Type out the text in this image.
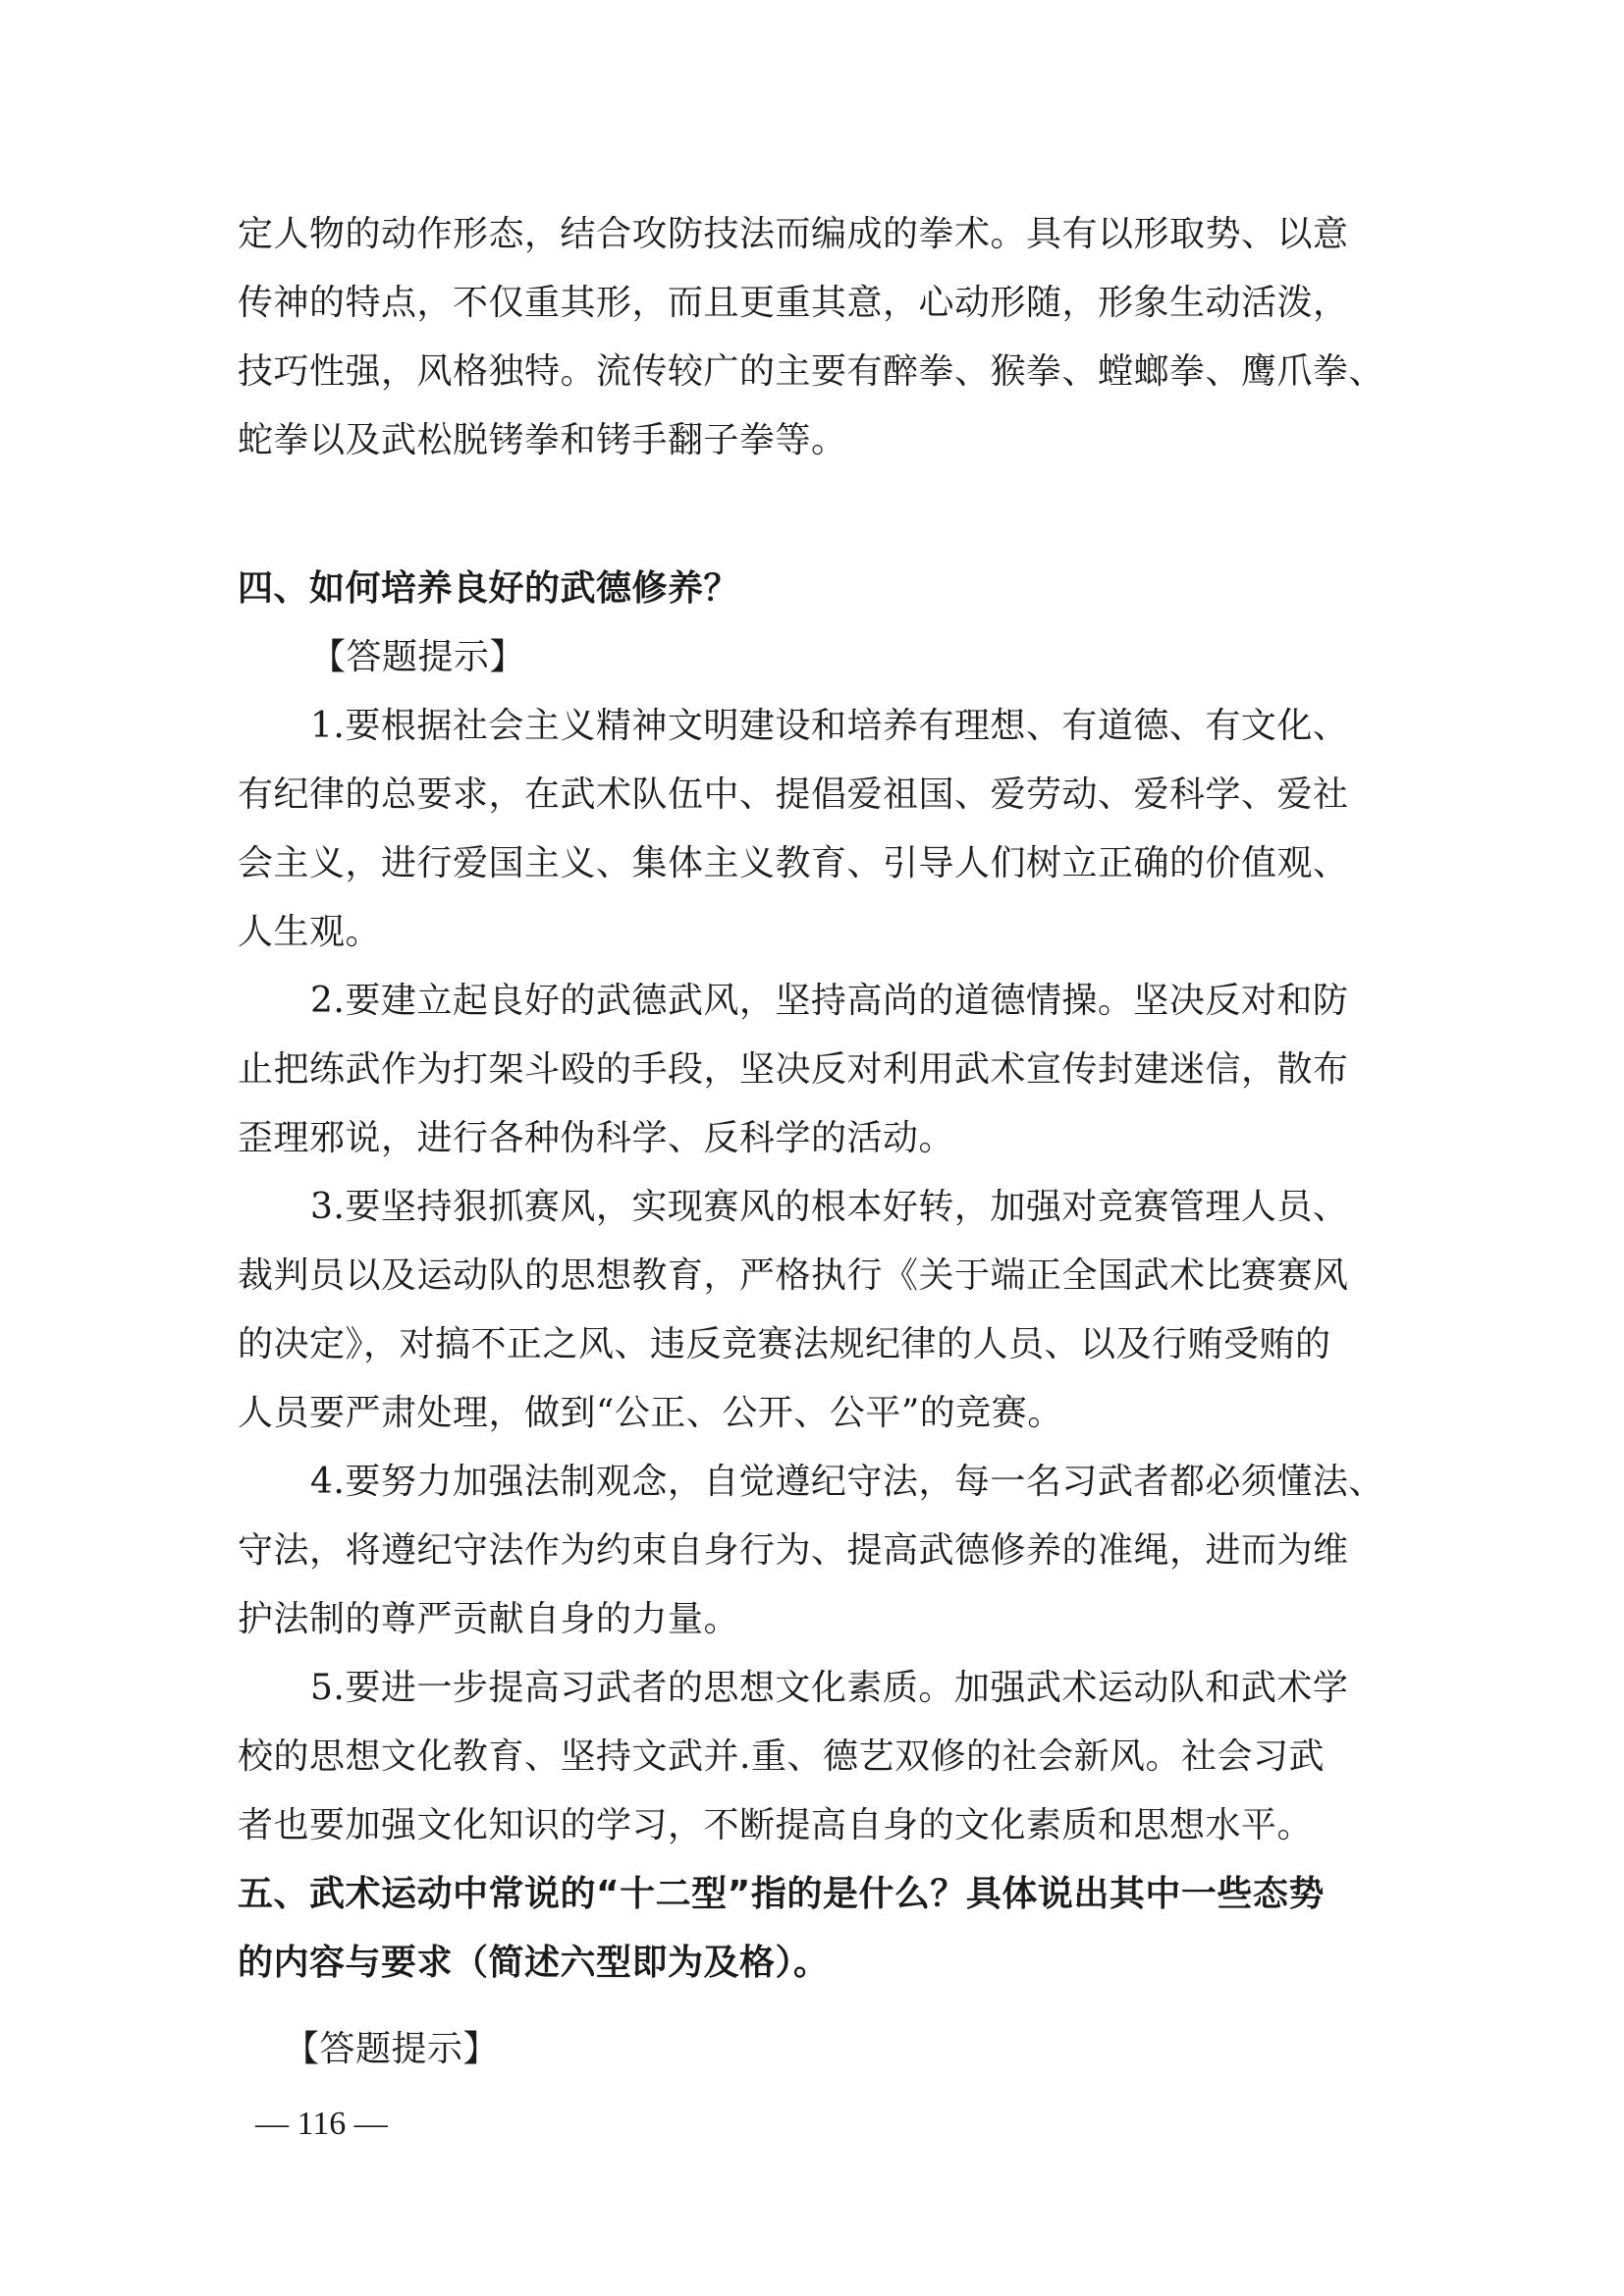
定人物的动作形态，结合攻防技法而编成的拳术。具有以形取势、以意
传神的特点，不仅重其形，而且更重其意，心动形随，形象生动活泼，
技巧性强，风格独特。流传较广的主要有醉拳、猴拳、螳螂拳、鹰爪拳、
蛇拳以及武松脱铐拳和铐手翻子拳等。
四、如何培养良好的武德修养？
【答题提示】
1.要根据社会主义精神文明建设和培养有理想、有道德、有文化、
有纪律的总要求，在武术队伍中、提倡爱祖国、爱劳动、爱科学、爱社
会主义，进行爱国主义、集体主义教育、引导人们树立正确的价值观、
人生观。
2.要建立起良好的武德武风，坚持高尚的道德情操。坚决反对和防
止把练武作为打架斗殴的手段，坚决反对利用武术宣传封建迷信，散布
歪理邪说，进行各种伪科学、反科学的活动。
3.要坚持狠抓赛风，实现赛风的根本好转，加强对竞赛管理人员、
裁判员以及运动队的思想教育，严格执行《关于端正全国武术比赛赛风
的决定》，对搞不正之风、违反竞赛法规纪律的人员、以及行贿受贿的
人员要严肃处理，做到“公正、公开、公平”的竞赛。
4.要努力加强法制观念，自觉遵纪守法，每一名习武者都必须懂法、
守法，将遵纪守法作为约束自身行为、提高武德修养的准绳，进而为维
护法制的尊严贡献自身的力量。
5.要进一步提高习武者的思想文化素质。加强武术运动队和武术学
校的思想文化教育、坚持文武并.重、德艺双修的社会新风。社会习武
者也要加强文化知识的学习，不断提高自身的文化素质和思想水平。
五、武术运动中常说的“十二型”指的是什么？具体说出其中一些态势
的内容与要求（简述六型即为及格）。
【答题提示】
— 116 —
